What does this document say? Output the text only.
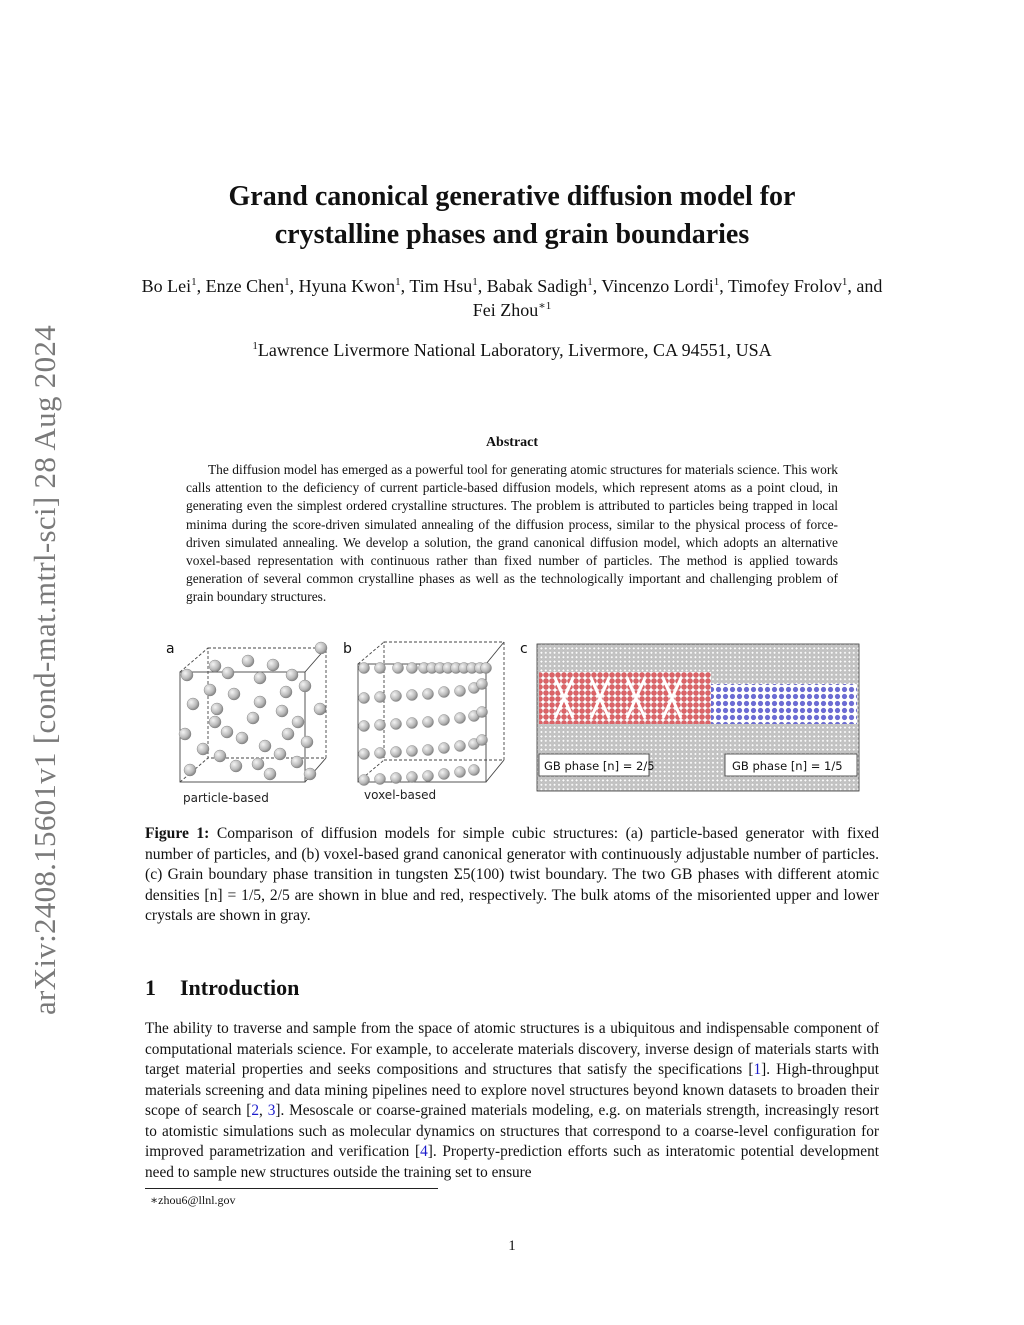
arXiv:2408.15601v1 [cond-mat.mtrl-sci] 28 Aug 2024
Grand canonical generative diffusion model for
crystalline phases and grain boundaries

Bo Lei$^1$, Enze Chen$^1$, Hyuna Kwon$^1$, Tim Hsu$^1$, Babak Sadigh$^1$, Vincenzo Lordi$^1$, Timofey Frolov$^1$, and Fei Zhou$^{∗1}$

$^1$Lawrence Livermore National Laboratory, Livermore, CA 94551, USA

Abstract

The diffusion model has emerged as a powerful tool for generating atomic structures for materials science. This work calls attention to the deficiency of current particle-based diffusion models, which represent atoms as a point cloud, in generating even the simplest ordered crystalline structures. The problem is attributed to particles being trapped in local minima during the score-driven simulated annealing of the diffusion process, similar to the physical process of force-driven simulated annealing. We develop a solution, the grand canonical diffusion model, which adopts an alternative voxel-based representation with continuous rather than fixed number of particles. The method is applied towards generation of several common crystalline phases as well as the technologically important and challenging problem of grain boundary structures.

a
particle-based
b
voxel-based
c
GB phase [n] = 2/5	GB phase [n] = 1/5

Figure 1: Comparison of diffusion models for simple cubic structures: (a) particle-based generator with fixed number of particles, and (b) voxel-based grand canonical generator with continuously adjustable number of particles. (c) Grain boundary phase transition in tungsten Σ5(100) twist boundary. The two GB phases with different atomic densities [n] = 1/5, 2/5 are shown in blue and red, respectively. The bulk atoms of the misoriented upper and lower crystals are shown in gray.

1 Introduction

The ability to traverse and sample from the space of atomic structures is a ubiquitous and indispensable component of computational materials science. For example, to accelerate materials discovery, inverse design of materials starts with target material properties and seeks compositions and structures that satisfy the specifications [1]. High-throughput materials screening and data mining pipelines need to explore novel structures beyond known datasets to broaden their scope of search [2, 3]. Mesoscale or coarse-grained materials modeling, e.g. on materials strength, increasingly resort to atomistic simulations such as molecular dynamics on structures that correspond to a coarse-level configuration for improved parametrization and verification [4]. Property-prediction efforts such as interatomic potential development need to sample new structures outside the training set to ensure

∗zhou6@llnl.gov

1
